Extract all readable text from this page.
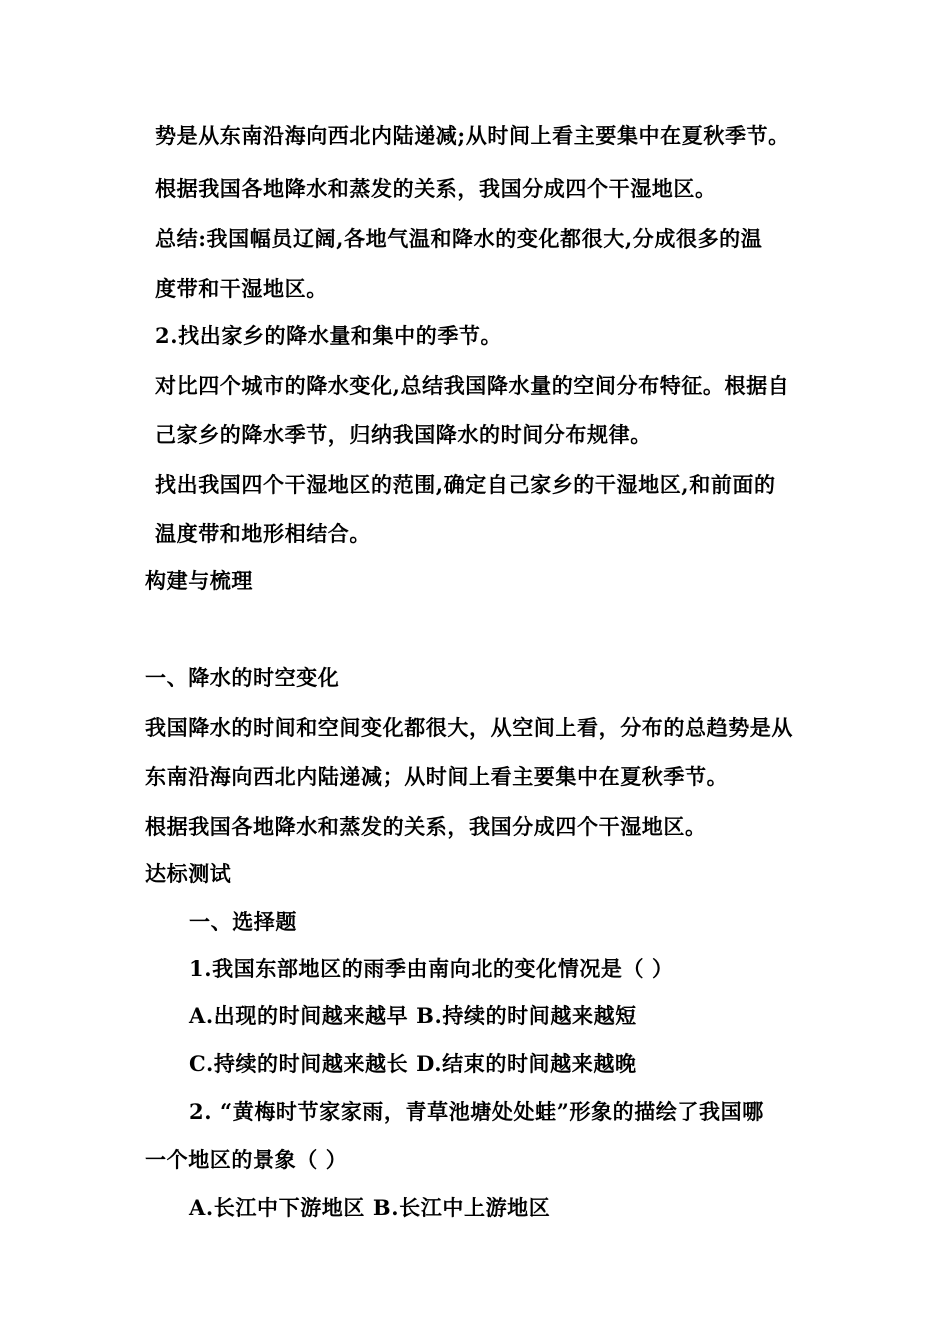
势是从东南沿海向西北内陆递减;从时间上看主要集中在夏秋季节。
根据我国各地降水和蒸发的关系，我国分成四个干湿地区。
总结:我国幅员辽阔,各地气温和降水的变化都很大,分成很多的温
度带和干湿地区。
2.找出家乡的降水量和集中的季节。
对比四个城市的降水变化,总结我国降水量的空间分布特征。根据自
己家乡的降水季节，归纳我国降水的时间分布规律。
找出我国四个干湿地区的范围,确定自己家乡的干湿地区,和前面的
温度带和地形相结合。
构建与梳理
一、降水的时空变化
我国降水的时间和空间变化都很大，从空间上看，分布的总趋势是从
东南沿海向西北内陆递减；从时间上看主要集中在夏秋季节。
根据我国各地降水和蒸发的关系，我国分成四个干湿地区。
达标测试
一、选择题
1.我国东部地区的雨季由南向北的变化情况是（ ）
A.出现的时间越来越早 B.持续的时间越来越短
C.持续的时间越来越长 D.结束的时间越来越晚
2. “黄梅时节家家雨，青草池塘处处蛙”形象的描绘了我国哪
一个地区的景象（ ）
A.长江中下游地区 B.长江中上游地区
